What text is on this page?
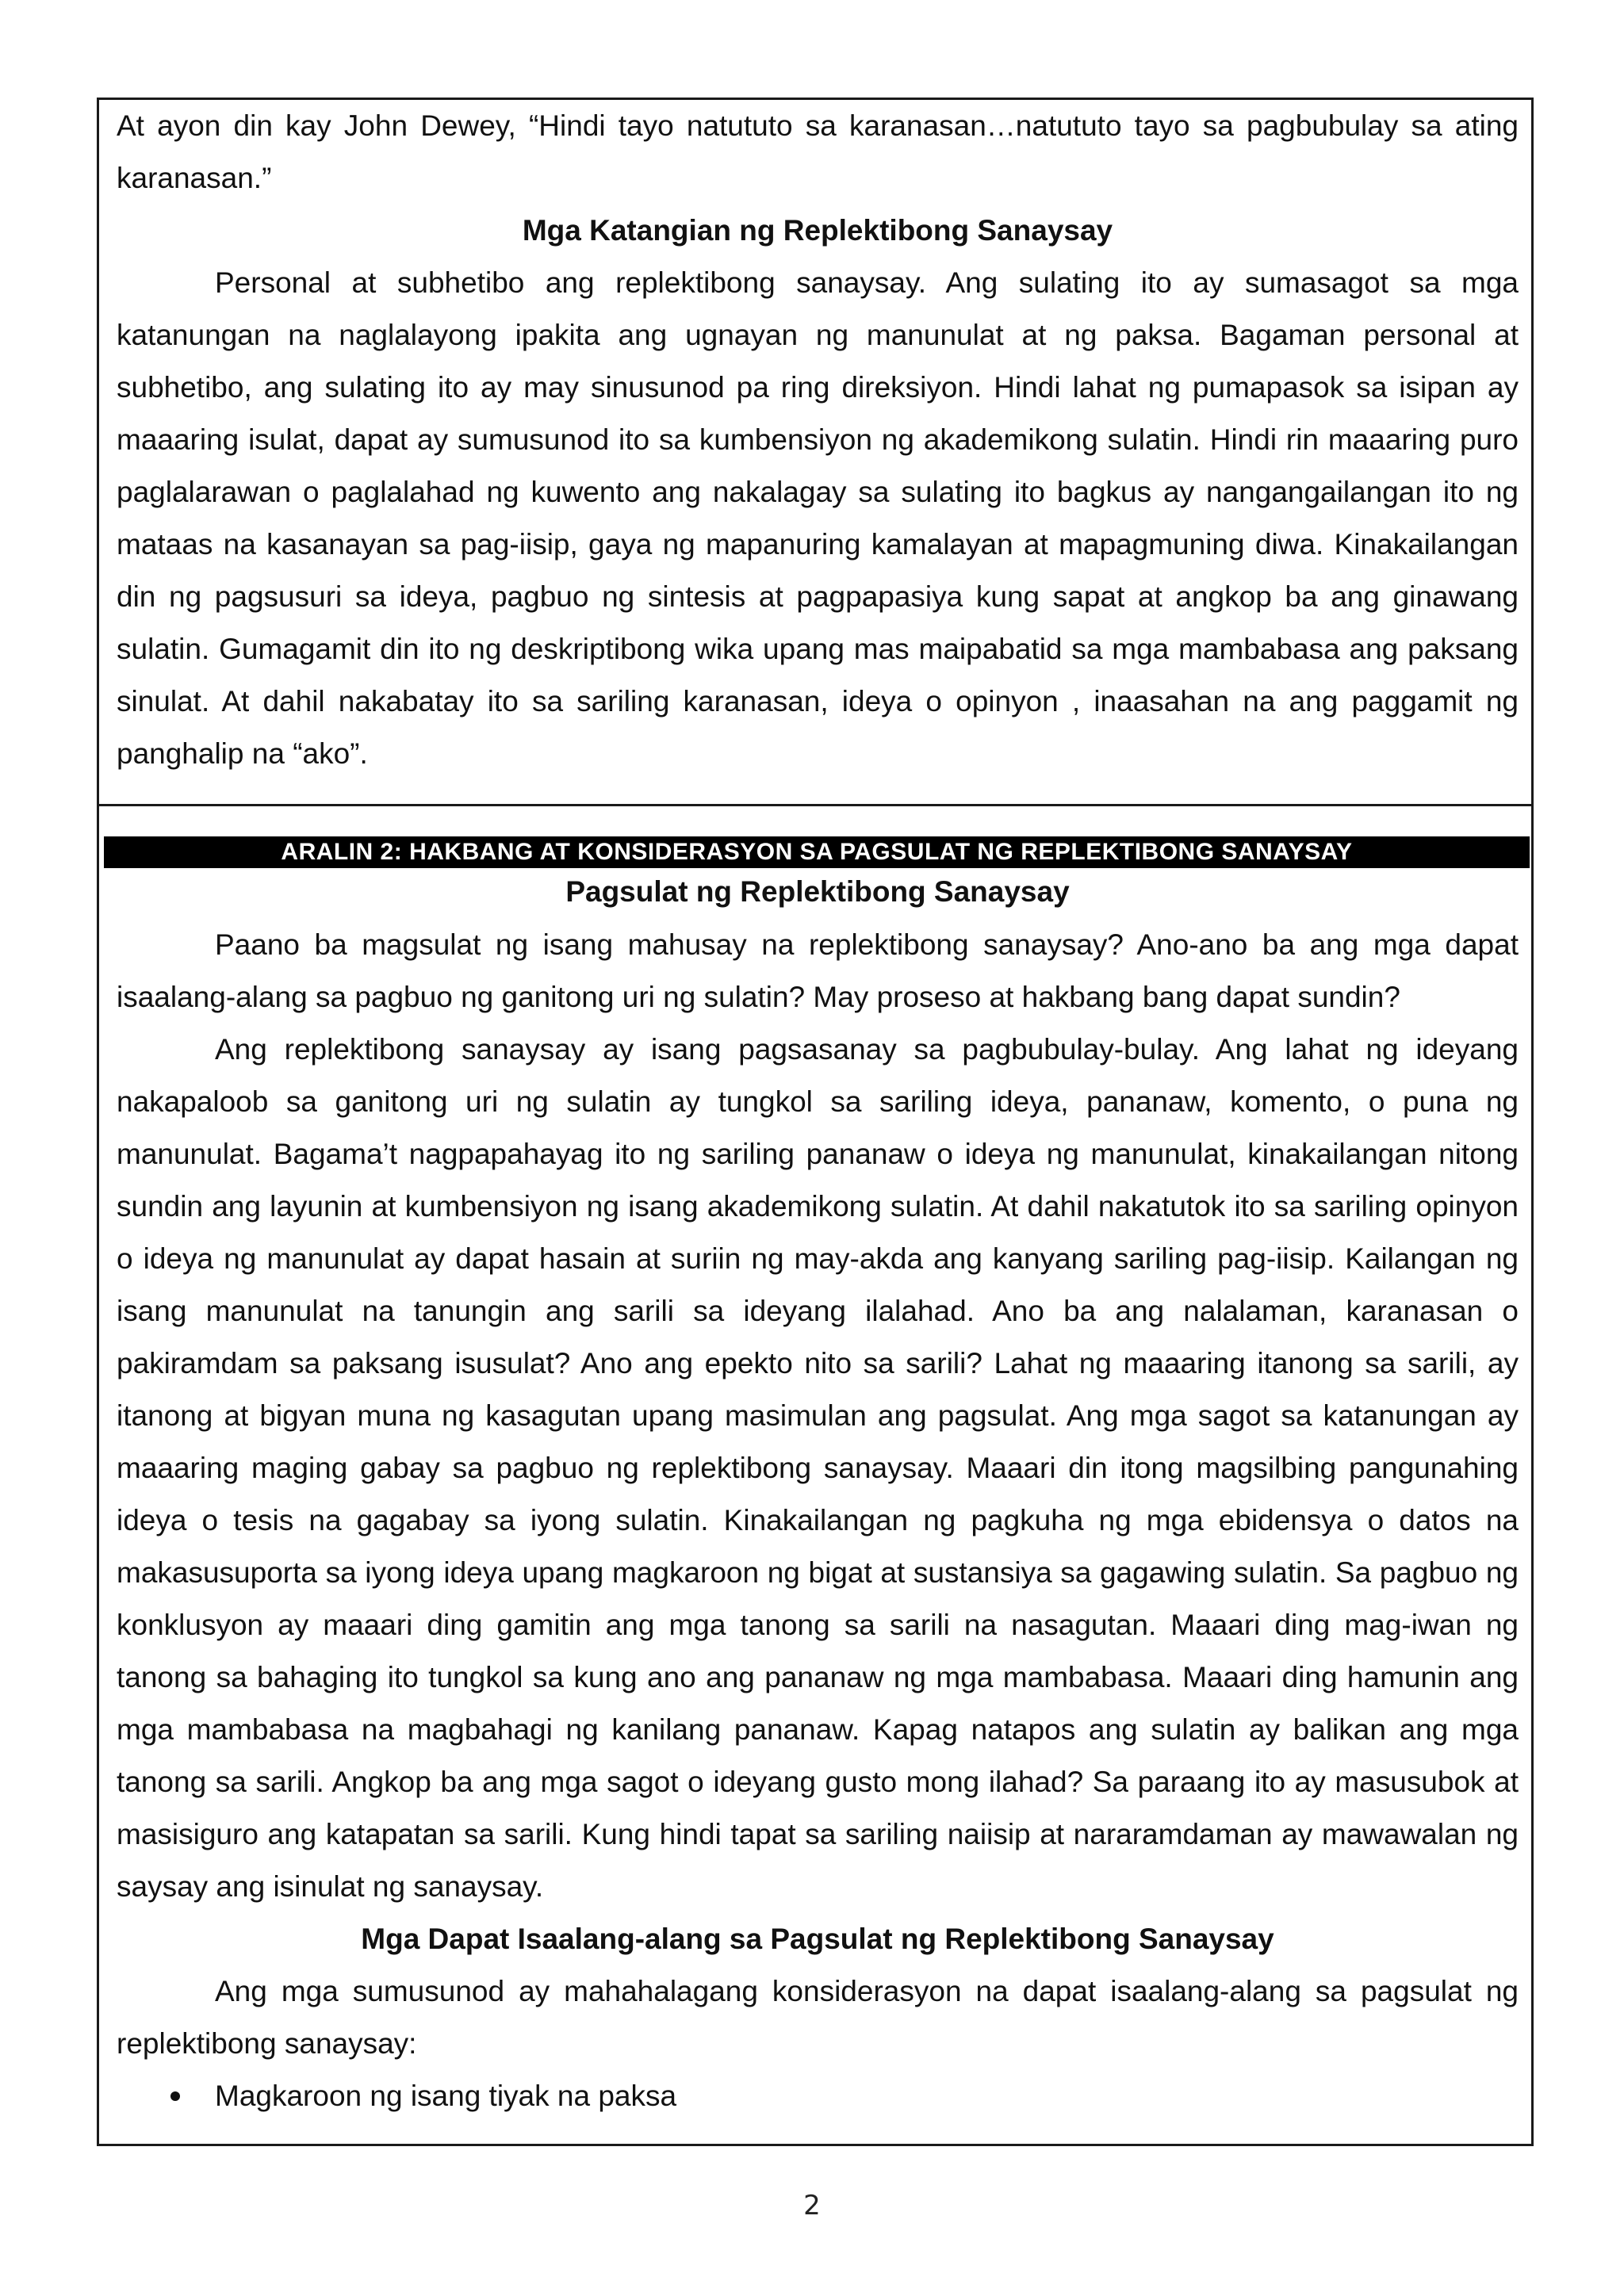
At ayon din kay John Dewey, “Hindi tayo natututo sa karanasan…natututo tayo sa pagbubulay sa ating karanasan.”

Mga Katangian ng Replektibong Sanaysay

Personal at subhetibo ang replektibong sanaysay. Ang sulating ito ay sumasagot sa mga katanungan na naglalayong ipakita ang ugnayan ng manunulat at ng paksa. Bagaman personal at subhetibo, ang sulating ito ay may sinusunod pa ring direksiyon. Hindi lahat ng pumapasok sa isipan ay maaaring isulat, dapat ay sumusunod ito sa kumbensiyon ng akademikong sulatin. Hindi rin maaaring puro paglalarawan o paglalahad ng kuwento ang nakalagay sa sulating ito bagkus ay nangangailangan ito ng mataas na kasanayan sa pag-iisip, gaya ng mapanuring kamalayan at mapagmuning diwa. Kinakailangan din ng pagsusuri sa ideya, pagbuo ng sintesis at pagpapasiya kung sapat at angkop ba ang ginawang sulatin. Gumagamit din ito ng deskriptibong wika upang mas maipabatid sa mga mambabasa ang paksang sinulat. At dahil nakabatay ito sa sariling karanasan, ideya o opinyon , inaasahan na ang paggamit ng panghalip na “ako”.

ARALIN 2: HAKBANG AT KONSIDERASYON SA PAGSULAT NG REPLEKTIBONG SANAYSAY

Pagsulat ng Replektibong Sanaysay

Paano ba magsulat ng isang mahusay na replektibong sanaysay? Ano-ano ba ang mga dapat isaalang-alang sa pagbuo ng ganitong uri ng sulatin? May proseso at hakbang bang dapat sundin?

Ang replektibong sanaysay ay isang pagsasanay sa pagbubulay-bulay. Ang lahat ng ideyang nakapaloob sa ganitong uri ng sulatin ay tungkol sa sariling ideya, pananaw, komento, o puna ng manunulat. Bagama’t nagpapahayag ito ng sariling pananaw o ideya ng manunulat, kinakailangan nitong sundin ang layunin at kumbensiyon ng isang akademikong sulatin. At dahil nakatutok ito sa sariling opinyon o ideya ng manunulat ay dapat hasain at suriin ng may-akda ang kanyang sariling pag-iisip. Kailangan ng isang manunulat na tanungin ang sarili sa ideyang ilalahad. Ano ba ang nalalaman, karanasan o pakiramdam sa paksang isusulat? Ano ang epekto nito sa sarili? Lahat ng maaaring itanong sa sarili, ay itanong at bigyan muna ng kasagutan upang masimulan ang pagsulat. Ang mga sagot sa katanungan ay maaaring maging gabay sa pagbuo ng replektibong sanaysay. Maaari din itong magsilbing pangunahing ideya o tesis na gagabay sa iyong sulatin. Kinakailangan ng pagkuha ng mga ebidensya o datos na makasusuporta sa iyong ideya upang magkaroon ng bigat at sustansiya sa gagawing sulatin. Sa pagbuo ng konklusyon ay maaari ding gamitin ang mga tanong sa sarili na nasagutan. Maaari ding mag-iwan ng tanong sa bahaging ito tungkol sa kung ano ang pananaw ng mga mambabasa. Maaari ding hamunin ang mga mambabasa na magbahagi ng kanilang pananaw. Kapag natapos ang sulatin ay balikan ang mga tanong sa sarili. Angkop ba ang mga sagot o ideyang gusto mong ilahad? Sa paraang ito ay masusubok at masisiguro ang katapatan sa sarili. Kung hindi tapat sa sariling naiisip at nararamdaman ay mawawalan ng saysay ang isinulat ng sanaysay.

Mga Dapat Isaalang-alang sa Pagsulat ng Replektibong Sanaysay

Ang mga sumusunod ay mahahalagang konsiderasyon na dapat isaalang-alang sa pagsulat ng replektibong sanaysay:

Magkaroon ng isang tiyak na paksa
2
